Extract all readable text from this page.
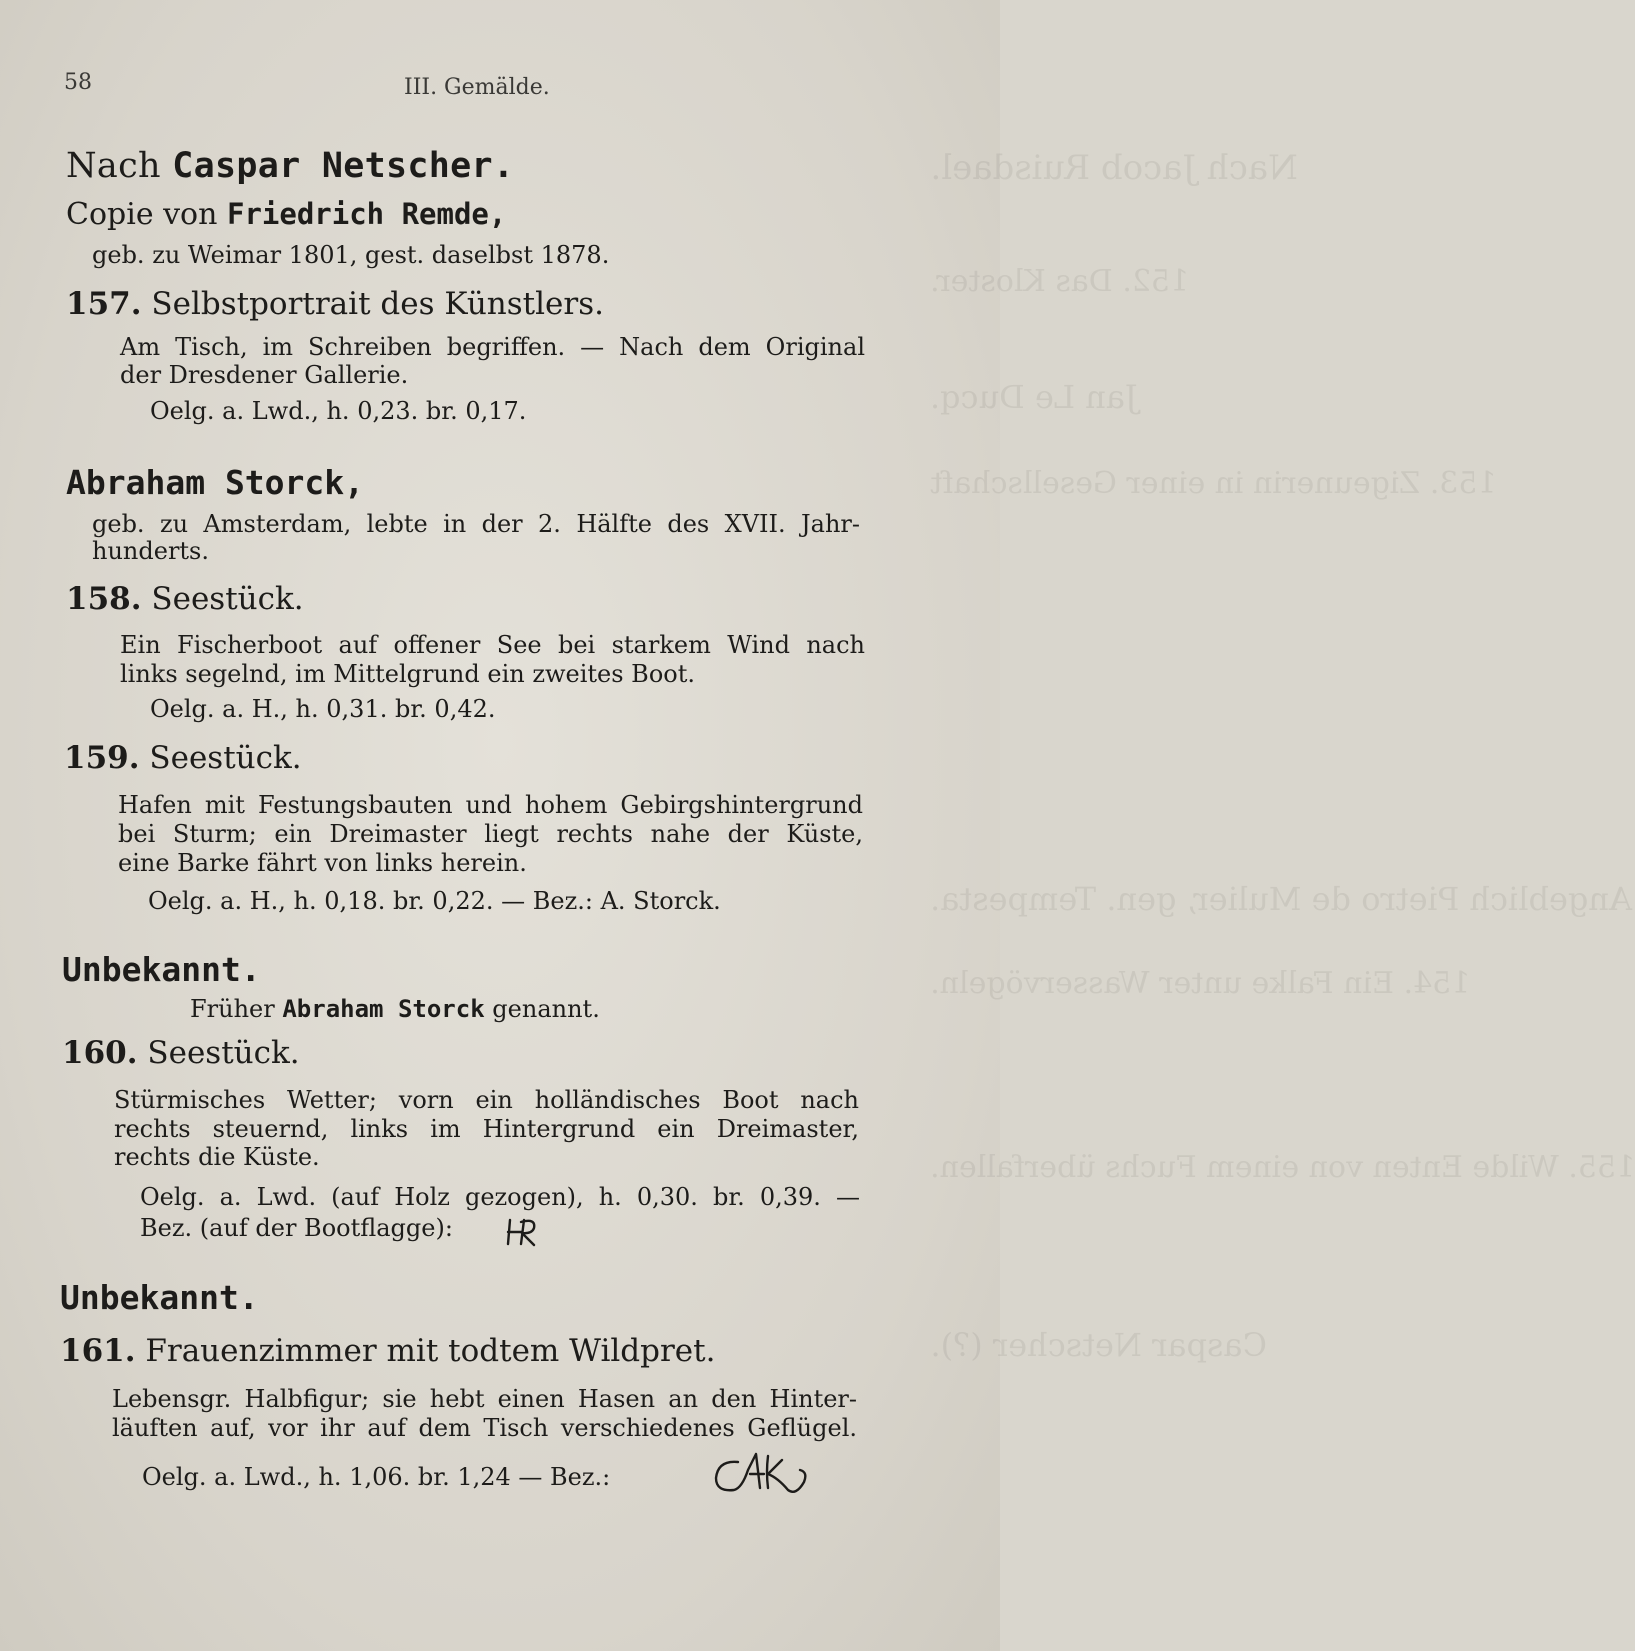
Nach Jacob Ruisdael.
152. Das Kloster.
Jan Le Ducq.
153. Zigeunerin in einer Gesellschaft
Angeblich Pietro de Mulier, gen. Tempesta.
154. Ein Falke unter Wasservögeln.
155. Wilde Enten von einem Fuchs überfallen.
Caspar Netscher (?).
58	III. Gemälde.
Nach Caspar Netscher.
Copie von Friedrich Remde,
geb. zu Weimar 1801, gest. daselbst 1878.
157. Selbstportrait des Künstlers.
Am Tisch, im Schreiben begriffen. — Nach dem Original
der Dresdener Gallerie.
Oelg. a. Lwd., h. 0,23. br. 0,17.
Abraham Storck,
geb. zu Amsterdam, lebte in der 2. Hälfte des XVII. Jahr-
hunderts.
158. Seestück.
Ein Fischerboot auf offener See bei starkem Wind nach
links segelnd, im Mittelgrund ein zweites Boot.
Oelg. a. H., h. 0,31. br. 0,42.
159. Seestück.
Hafen mit Festungsbauten und hohem Gebirgshintergrund
bei Sturm; ein Dreimaster liegt rechts nahe der Küste,
eine Barke fährt von links herein.
Oelg. a. H., h. 0,18. br. 0,22. — Bez.: A. Storck.
Unbekannt.
Früher Abraham Storck genannt.
160. Seestück.
Stürmisches Wetter; vorn ein holländisches Boot nach
rechts steuernd, links im Hintergrund ein Dreimaster,
rechts die Küste.
Oelg. a. Lwd. (auf Holz gezogen), h. 0,30. br. 0,39. —
Bez. (auf der Bootflagge):
Unbekannt.
161. Frauenzimmer mit todtem Wildpret.
Lebensgr. Halbfigur; sie hebt einen Hasen an den Hinter-
läuften auf, vor ihr auf dem Tisch verschiedenes Geflügel.
Oelg. a. Lwd., h. 1,06. br. 1,24 — Bez.:
